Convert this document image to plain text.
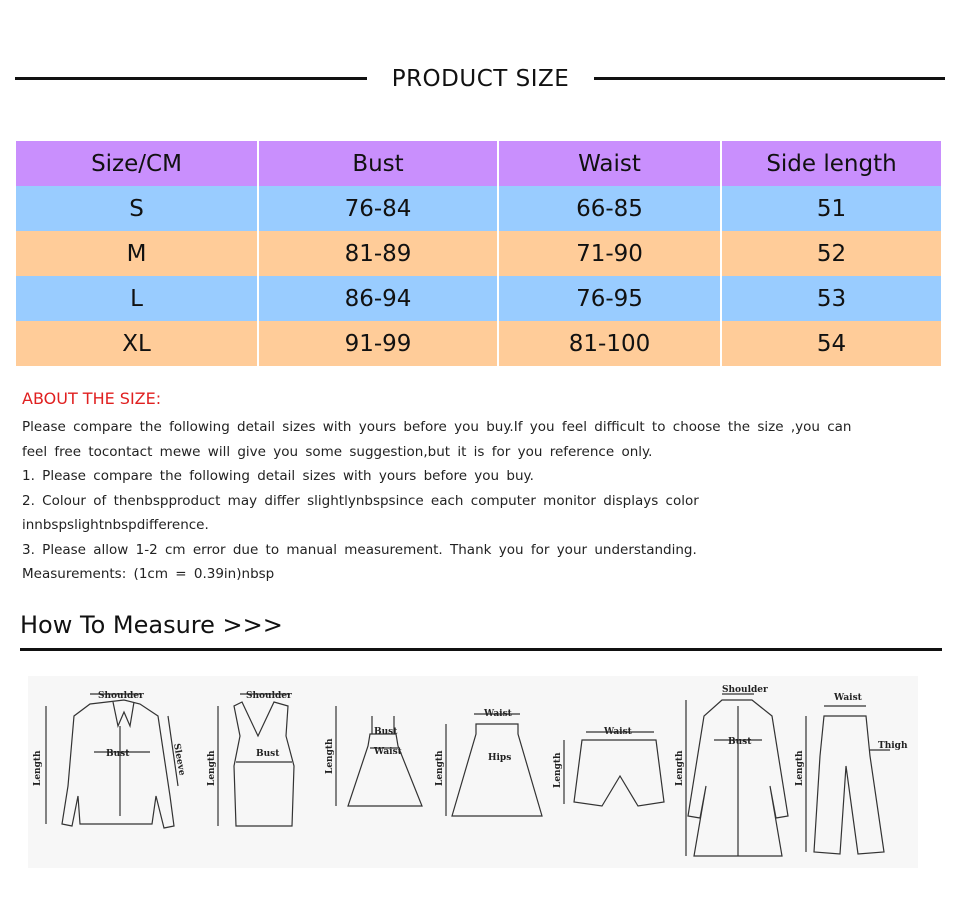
PRODUCT SIZE
Size/CM	Bust	Waist	Side length
S	76-84	66-85	51
M	81-89	71-90	52
L	86-94	76-95	53
XL	91-99	81-100	54
ABOUT THE SIZE:

Please compare the following detail sizes with yours before you buy.If you feel difficult to choose the size ,you can

feel free tocontact mewe will give you some suggestion,but it is for you reference only.

1. Please compare the following detail sizes with yours before you buy.

2. Colour of thenbspproduct may differ slightlynbspsince each computer monitor displays color

innbspslightnbspdifference.

3. Please allow 1-2 cm error due to manual measurement. Thank you for your understanding.

Measurements: (1cm = 0.39in)nbsp

How To Measure >>>
Shoulder
Bust	Sleeve
Length
Shoulder
Bust
Length
Bust
Waist
Length
Waist
Hips
Length
Waist
Length
Shoulder
Bust
Length
Waist
Thigh
Length
